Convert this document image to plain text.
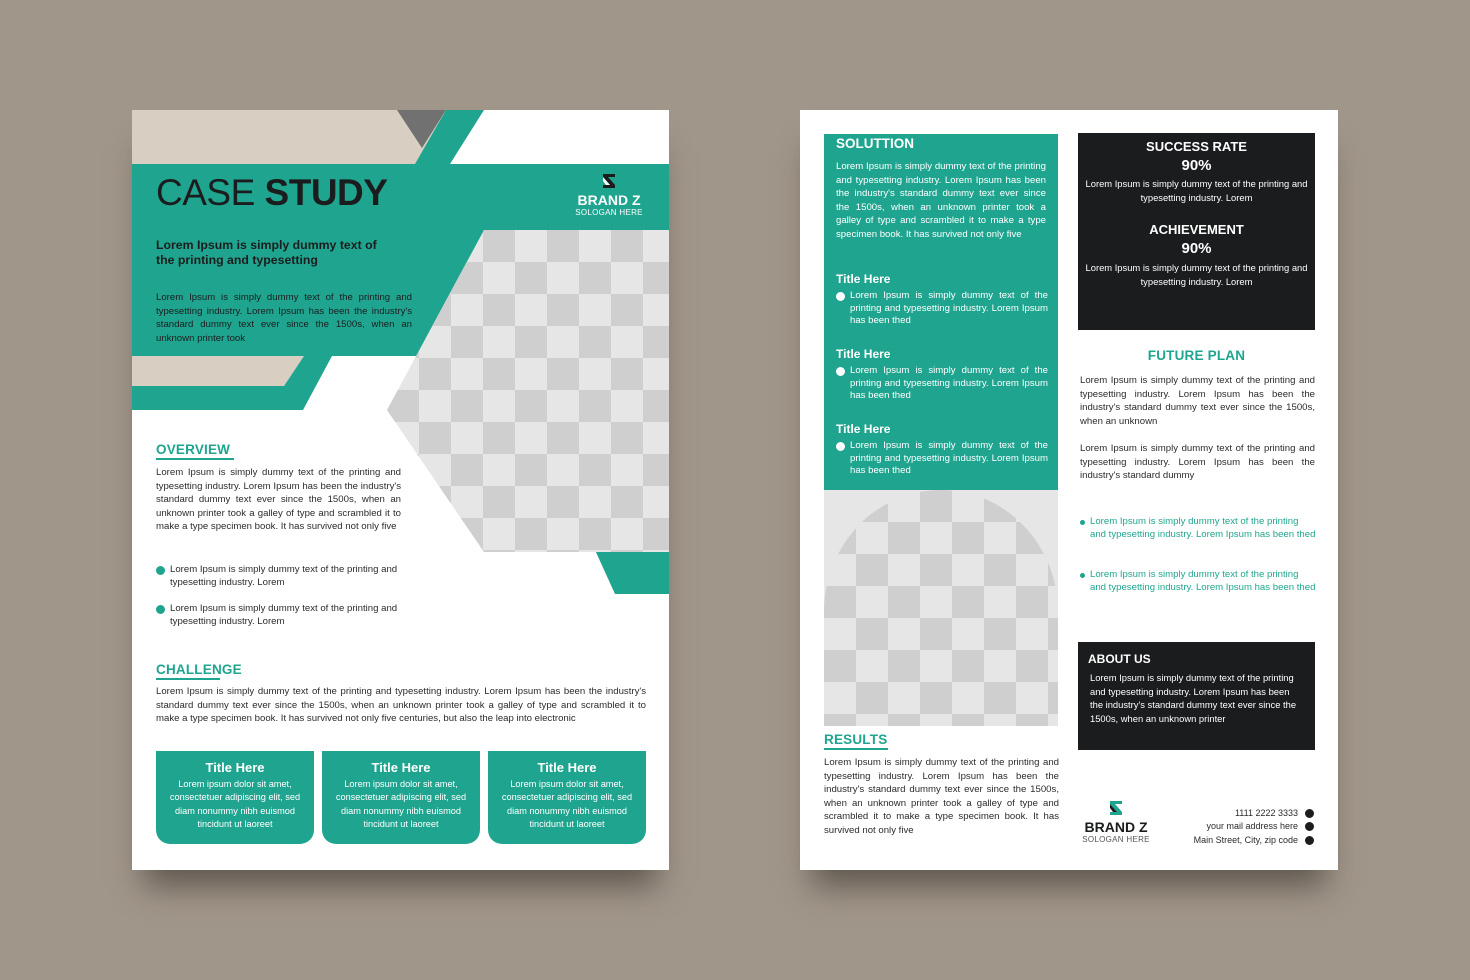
CASE STUDY	BRAND Z
SOLOGAN HERE
Lorem Ipsum is simply dummy text of the printing and typesetting
Lorem Ipsum is simply dummy text of the printing and typesetting industry. Lorem Ipsum has been the industry's standard dummy text ever since the 1500s, when an unknown printer took
OVERVIEW
Lorem Ipsum is simply dummy text of the printing and typesetting industry. Lorem Ipsum has been the industry's standard dummy text ever since the 1500s, when an unknown printer took a galley of type and scrambled it to make a type specimen book. It has survived not only five
Lorem Ipsum is simply dummy text of the printing and typesetting industry. Lorem
Lorem Ipsum is simply dummy text of the printing and typesetting industry. Lorem
CHALLENGE
Lorem Ipsum is simply dummy text of the printing and typesetting industry. Lorem Ipsum has been the industry's standard dummy text ever since the 1500s, when an unknown printer took a galley of type and scrambled it to make a type specimen book. It has survived not only five centuries, but also the leap into electronic
Title Here
Lorem ipsum dolor sit amet, consectetuer adipiscing elit, sed diam nonummy nibh euismod tincidunt ut laoreet
Title Here
Lorem ipsum dolor sit amet, consectetuer adipiscing elit, sed diam nonummy nibh euismod tincidunt ut laoreet
Title Here
Lorem ipsum dolor sit amet, consectetuer adipiscing elit, sed diam nonummy nibh euismod tincidunt ut laoreet
SOLUTTION
Lorem Ipsum is simply dummy text of the printing and typesetting industry. Lorem Ipsum has been the industry's standard dummy text ever since the 1500s, when an unknown printer took a galley of type and scrambled it to make a type specimen book. It has survived not only five
Title Here
Lorem Ipsum is simply dummy text of the printing and typesetting industry. Lorem Ipsum has been thed
Title Here
Lorem Ipsum is simply dummy text of the printing and typesetting industry. Lorem Ipsum has been thed
Title Here
Lorem Ipsum is simply dummy text of the printing and typesetting industry. Lorem Ipsum has been thed
RESULTS
Lorem Ipsum is simply dummy text of the printing and typesetting industry. Lorem Ipsum has been the industry's standard dummy text ever since the 1500s, when an unknown printer took a galley of type and scrambled it to make a type specimen book. It has survived not only five
SUCCESS RATE
90%
Lorem Ipsum is simply dummy text of the printing and typesetting industry. Lorem
ACHIEVEMENT
90%
Lorem Ipsum is simply dummy text of the printing and typesetting industry. Lorem
FUTURE PLAN
Lorem Ipsum is simply dummy text of the printing and typesetting industry. Lorem Ipsum has been the industry's standard dummy text ever since the 1500s, when an unknown
Lorem Ipsum is simply dummy text of the printing and typesetting industry. Lorem Ipsum has been the industry's standard dummy
Lorem Ipsum is simply dummy text of the printing and typesetting industry. Lorem Ipsum has been thed
Lorem Ipsum is simply dummy text of the printing and typesetting industry. Lorem Ipsum has been thed
ABOUT US
Lorem Ipsum is simply dummy text of the printing and typesetting industry. Lorem Ipsum has been the industry's standard dummy text ever since the 1500s, when an unknown printer
BRAND Z
SOLOGAN HERE
1111 2222 3333
your mail address here
Main Street, City, zip code
